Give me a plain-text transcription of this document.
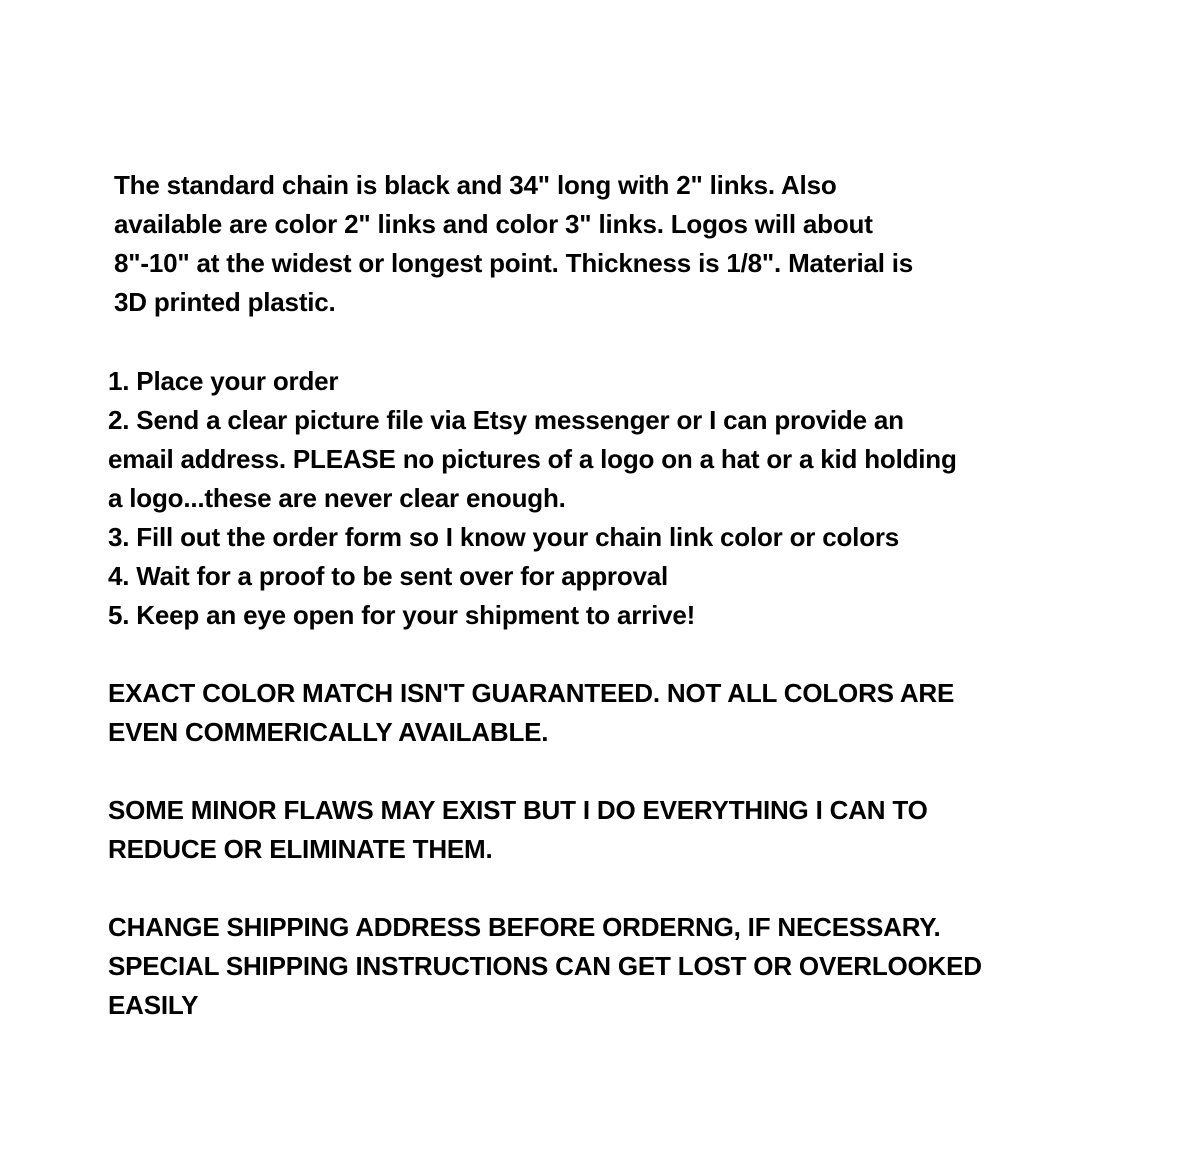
The standard chain is black and 34" long with 2" links. Also

available are color 2" links and color 3" links. Logos will about

8"-10" at the widest or longest point. Thickness is 1/8". Material is

3D printed plastic.

1. Place your order

2. Send a clear picture file via Etsy messenger or I can provide an

email address. PLEASE no pictures of a logo on a hat or a kid holding

a logo...these are never clear enough.

3. Fill out the order form so I know your chain link color or colors

4. Wait for a proof to be sent over for approval

5. Keep an eye open for your shipment to arrive!

EXACT COLOR MATCH ISN'T GUARANTEED. NOT ALL COLORS ARE

EVEN COMMERICALLY AVAILABLE.

SOME MINOR FLAWS MAY EXIST BUT I DO EVERYTHING I CAN TO

REDUCE OR ELIMINATE THEM.

CHANGE SHIPPING ADDRESS BEFORE ORDERNG, IF NECESSARY.

SPECIAL SHIPPING INSTRUCTIONS CAN GET LOST OR OVERLOOKED

EASILY
